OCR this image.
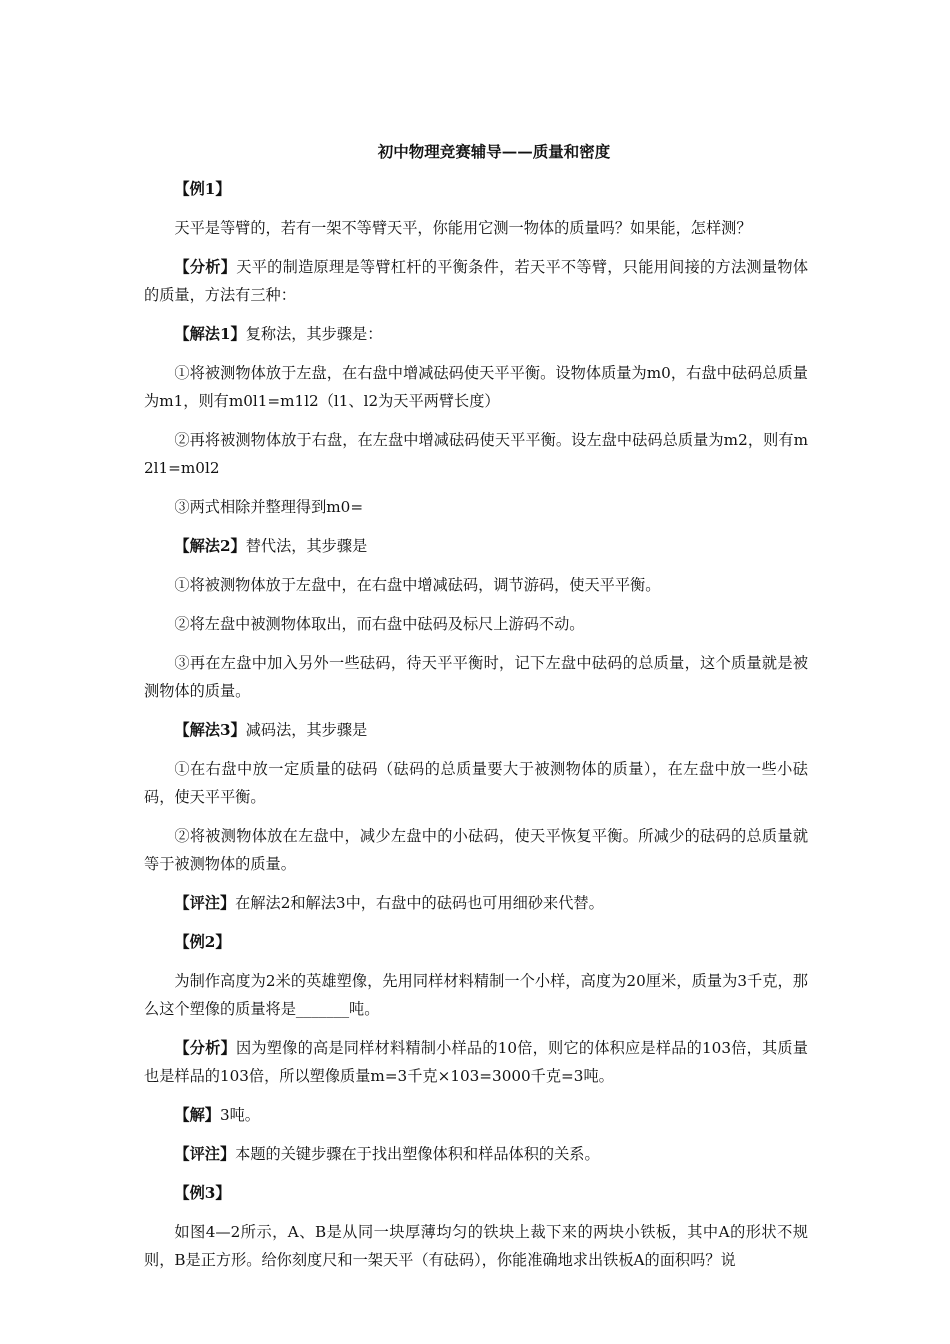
初中物理竞赛辅导——质量和密度
【例1】
天平是等臂的，若有一架不等臂天平，你能用它测一物体的质量吗？如果能，怎样测？
【分析】天平的制造原理是等臂杠杆的平衡条件，若天平不等臂，只能用间接的方法测量物体的质量，方法有三种：
【解法1】复称法，其步骤是：
①将被测物体放于左盘，在右盘中增减砝码使天平平衡。设物体质量为m0，右盘中砝码总质量为m1，则有m0l1=m1l2（l1、l2为天平两臂长度）
②再将被测物体放于右盘，在左盘中增减砝码使天平平衡。设左盘中砝码总质量为m2，则有m2l1=m0l2
③两式相除并整理得到m0=
【解法2】替代法，其步骤是
①将被测物体放于左盘中，在右盘中增减砝码，调节游码，使天平平衡。
②将左盘中被测物体取出，而右盘中砝码及标尺上游码不动。
③再在左盘中加入另外一些砝码，待天平平衡时，记下左盘中砝码的总质量，这个质量就是被测物体的质量。
【解法3】减码法，其步骤是
①在右盘中放一定质量的砝码（砝码的总质量要大于被测物体的质量），在左盘中放一些小砝码，使天平平衡。
②将被测物体放在左盘中，减少左盘中的小砝码，使天平恢复平衡。所减少的砝码的总质量就等于被测物体的质量。
【评注】在解法2和解法3中，右盘中的砝码也可用细砂来代替。
【例2】
为制作高度为2米的英雄塑像，先用同样材料精制一个小样，高度为20厘米，质量为3千克，那么这个塑像的质量将是_______吨。
【分析】因为塑像的高是同样材料精制小样品的10倍，则它的体积应是样品的103倍，其质量也是样品的103倍，所以塑像质量m=3千克×103=3000千克=3吨。
【解】3吨。
【评注】本题的关键步骤在于找出塑像体积和样品体积的关系。
【例3】
如图4—2所示，A、B是从同一块厚薄均匀的铁块上裁下来的两块小铁板，其中A的形状不规则，B是正方形。给你刻度尺和一架天平（有砝码），你能准确地求出铁板A的面积吗？说
